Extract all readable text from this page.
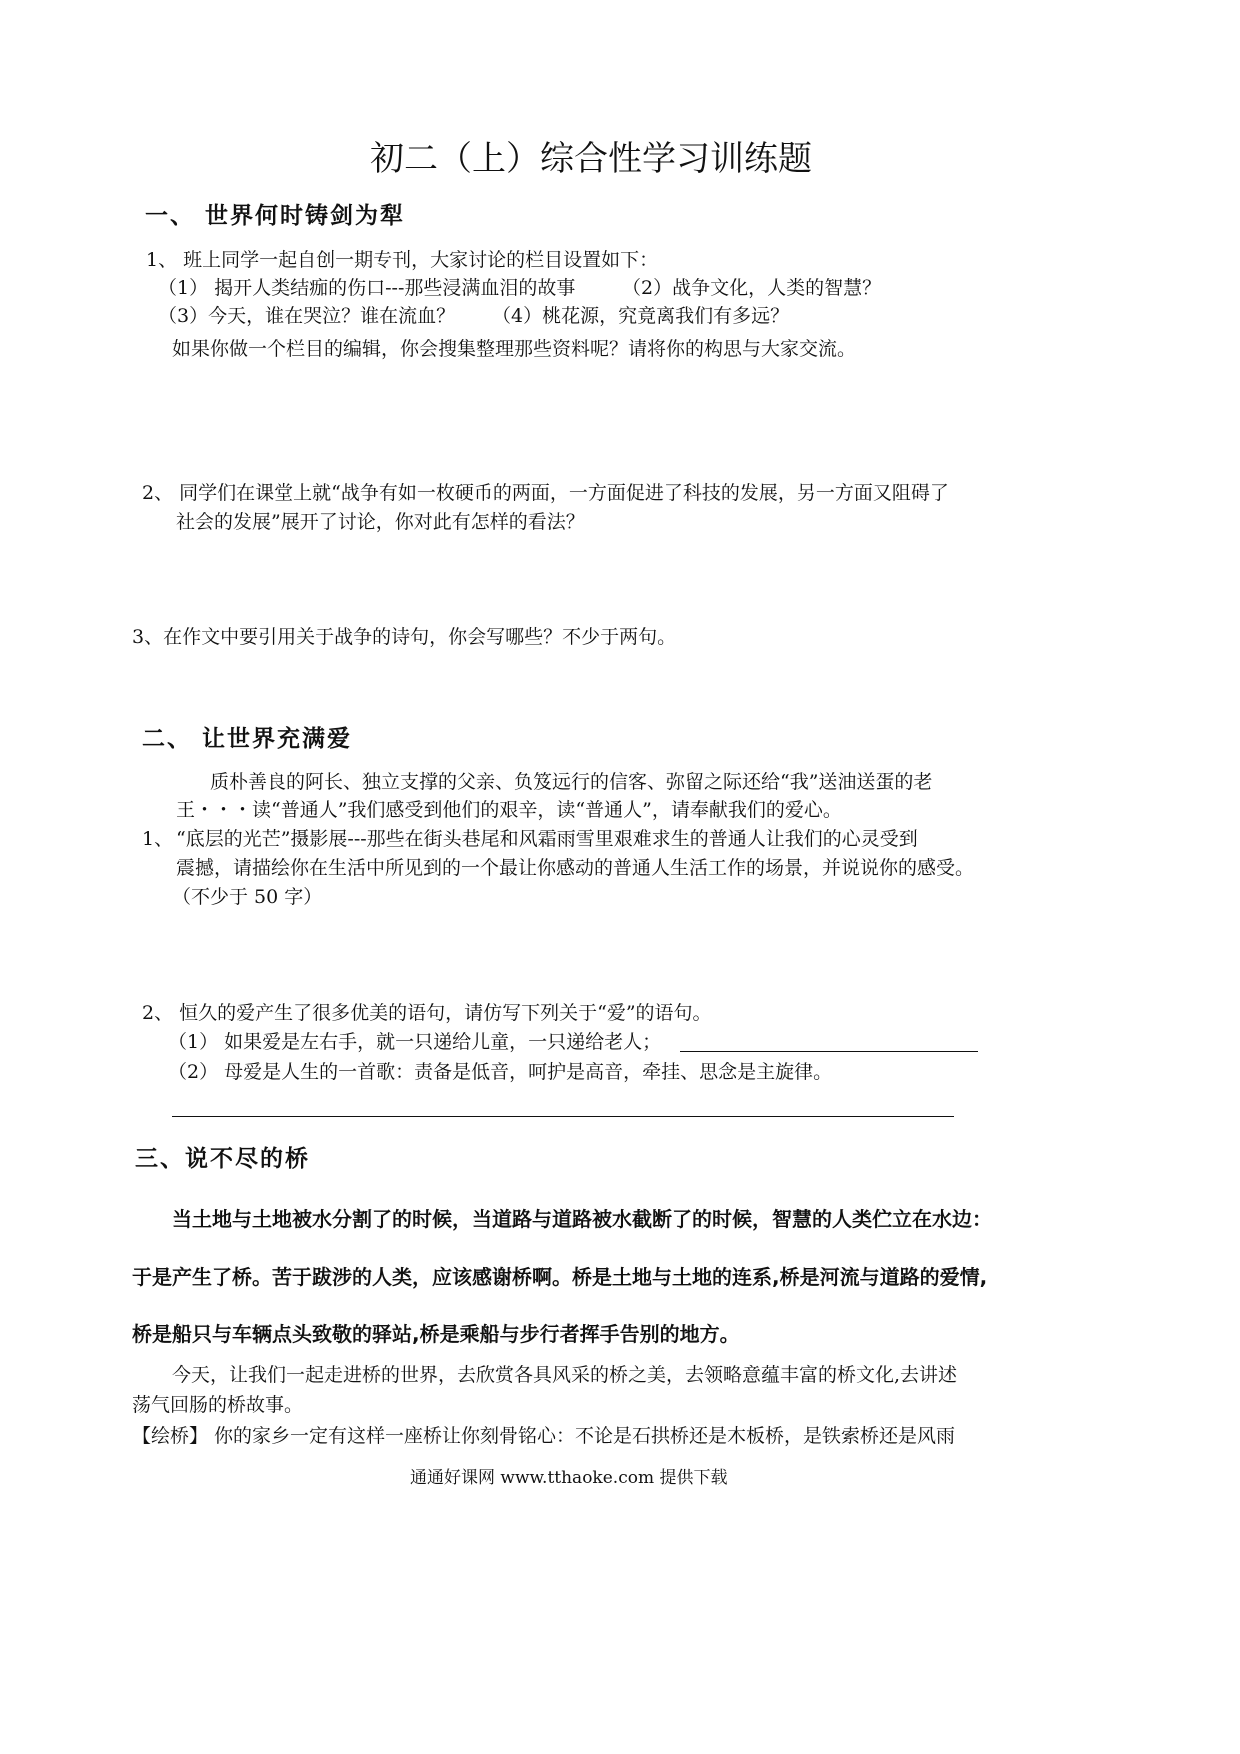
初二（上）综合性学习训练题
一、 世界何时铸剑为犁
1、 班上同学一起自创一期专刊，大家讨论的栏目设置如下：
（1） 揭开人类结痂的伤口---那些浸满血泪的故事 （2）战争文化，人类的智慧？
（3）今天，谁在哭泣？谁在流血？ （4）桃花源，究竟离我们有多远？
如果你做一个栏目的编辑，你会搜集整理那些资料呢？请将你的构思与大家交流。
2、 同学们在课堂上就“战争有如一枚硬币的两面，一方面促进了科技的发展，另一方面又阻碍了
社会的发展”展开了讨论，你对此有怎样的看法？
3、在作文中要引用关于战争的诗句，你会写哪些？不少于两句。
二、 让世界充满爱
质朴善良的阿长、独立支撑的父亲、负笈远行的信客、弥留之际还给“我”送油送蛋的老
王・・・读“普通人”我们感受到他们的艰辛，读“普通人”，请奉献我们的爱心。
1、 “底层的光芒”摄影展---那些在街头巷尾和风霜雨雪里艰难求生的普通人让我们的心灵受到
震撼，请描绘你在生活中所见到的一个最让你感动的普通人生活工作的场景，并说说你的感受。
（不少于 50 字）
2、 恒久的爱产生了很多优美的语句，请仿写下列关于“爱”的语句。
（1） 如果爱是左右手，就一只递给儿童，一只递给老人；
（2） 母爱是人生的一首歌：责备是低音，呵护是高音，牵挂、思念是主旋律。
三、说不尽的桥
当土地与土地被水分割了的时候，当道路与道路被水截断了的时候，智慧的人类伫立在水边：
于是产生了桥。苦于跋涉的人类，应该感谢桥啊。桥是土地与土地的连系,桥是河流与道路的爱情,
桥是船只与车辆点头致敬的驿站,桥是乘船与步行者挥手告别的地方。
今天，让我们一起走进桥的世界，去欣赏各具风采的桥之美，去领略意蕴丰富的桥文化,去讲述
荡气回肠的桥故事。
【绘桥】 你的家乡一定有这样一座桥让你刻骨铭心：不论是石拱桥还是木板桥，是铁索桥还是风雨
通通好课网 www.tthaoke.com 提供下载
